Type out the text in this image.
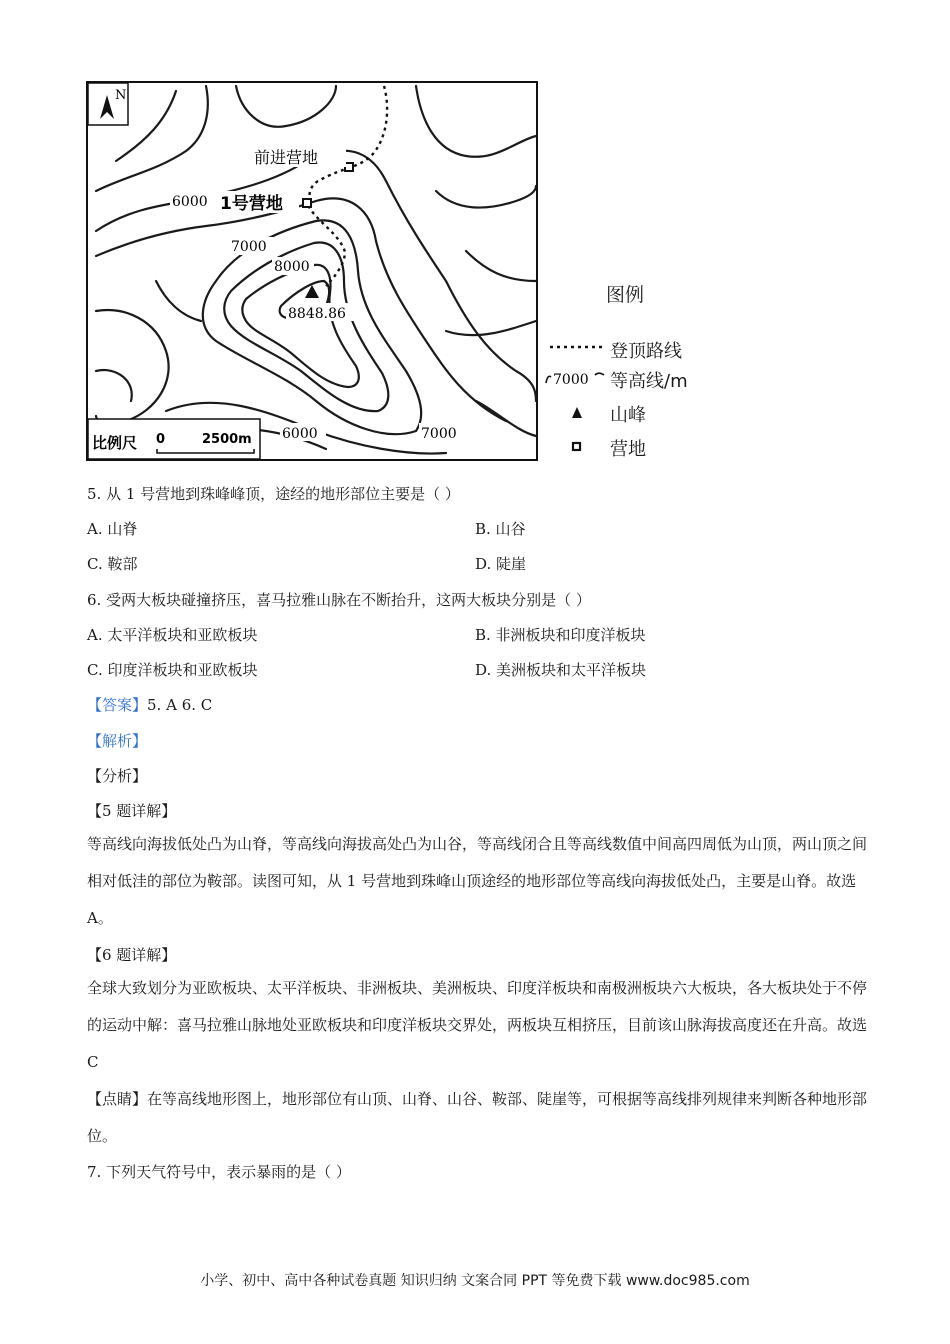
N
前进营地
6000 1号营地
7000
8000
8848.86
6000	7000
比例尺 0	2500m
图例
登顶路线
7000 等高线/m
山峰
营地
5. 从 1 号营地到珠峰峰顶，途经的地形部位主要是（ ）
A. 山脊	B. 山谷
C. 鞍部	D. 陡崖
6. 受两大板块碰撞挤压，喜马拉雅山脉在不断抬升，这两大板块分别是（ ）
A. 太平洋板块和亚欧板块	B. 非洲板块和印度洋板块
C. 印度洋板块和亚欧板块	D. 美洲板块和太平洋板块
【答案】5. A 6. C
【解析】
【分析】
【5 题详解】
等高线向海拔低处凸为山脊，等高线向海拔高处凸为山谷，等高线闭合且等高线数值中间高四周低为山顶，两山顶之间相对低洼的部位为鞍部。读图可知，从 1 号营地到珠峰山顶途经的地形部位等高线向海拔低处凸，主要是山脊。故选 A。
【6 题详解】
全球大致划分为亚欧板块、太平洋板块、非洲板块、美洲板块、印度洋板块和南极洲板块六大板块，各大板块处于不停的运动中解：喜马拉雅山脉地处亚欧板块和印度洋板块交界处，两板块互相挤压，目前该山脉海拔高度还在升高。故选 C
【点睛】在等高线地形图上，地形部位有山顶、山脊、山谷、鞍部、陡崖等，可根据等高线排列规律来判断各种地形部位。
7. 下列天气符号中，表示暴雨的是（ ）
小学、初中、高中各种试卷真题 知识归纳 文案合同 PPT 等免费下载 www.doc985.com
